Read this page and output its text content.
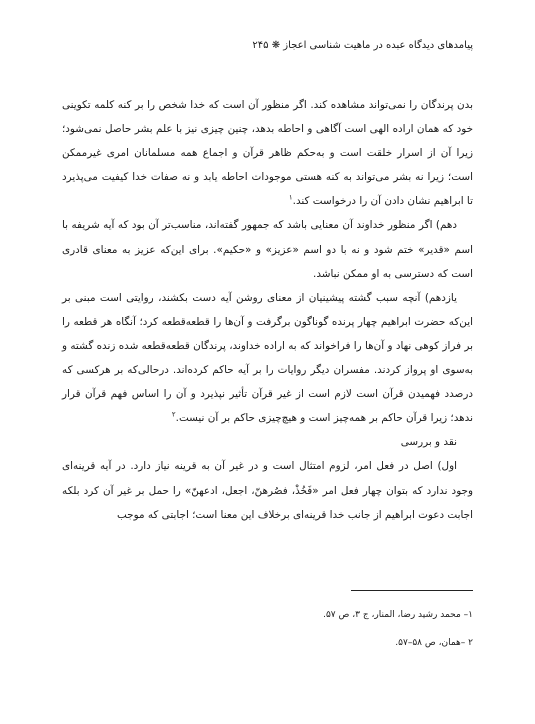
پیامدهای دیدگاه عبده در ماهیت شناسی اعجاز ❋ ۲۴۵

بدن پرندگان را نمی‌تواند مشاهده کند. اگر منظور آن است که خدا شخص را بر کنه کلمه تکوینی خود که همان اراده الهی است آگاهی و احاطه بدهد، چنین چیزی نیز با علم بشر حاصل نمی‌شود؛ زیرا آن از اسرار خلقت است و به‌حکم ظاهر قرآن و اجماع همه مسلمانان امری غیرممکن است؛ زیرا نه بشر می‌تواند به کنه هستی موجودات احاطه یابد و نه صفات خدا کیفیت می‌پذیرد تا ابراهیم نشان دادن آن را درخواست کند.$^۱$

دهم) اگر منظور خداوند آن معنایی باشد که جمهور گفته‌اند، مناسب‌تر آن بود که آیه شریفه با اسم «قدیر» ختم شود و نه با دو اسم «عزیز» و «حکیم». برای این‌که عزیز به معنای قادری است که دسترسی به او ممکن نباشد.

یازدهم) آنچه سبب گشته پیشینیان از معنای روشن آیه دست بکشند، روایتی است مبنی بر این‌که حضرت ابراهیم چهار پرنده گوناگون برگرفت و آن‌ها را قطعه‌قطعه کرد؛ آنگاه هر قطعه را بر فراز کوهی نهاد و آن‌ها را فراخواند که به اراده خداوند، پرندگان قطعه‌قطعه شده زنده گشته و به‌سوی او پرواز کردند. مفسران دیگر روایات را بر آیه حاکم کرده‌اند. درحالی‌که بر هرکسی که درصدد فهمیدن قرآن است لازم است از غیر قرآن تأثیر نپذیرد و آن را اساس فهم قرآن قرار ندهد؛ زیرا قرآن حاکم بر همه‌چیز است و هیچ‌چیزی حاکم بر آن نیست.$^۲$

نقد و بررسی

اول) اصل در فعل امر، لزوم امتثال است و در غیر آن به قرینه نیاز دارد. در آیه قرینه‌ای وجود ندارد که بتوان چهار فعل امر «فَخُذْ، فصُرهنّ، اجعل، ادعهنّ» را حمل بر غیر آن کرد بلکه اجابت دعوت ابراهیم از جانب خدا قرینه‌ای برخلاف این معنا است؛ اجابتی که موجب

۱– محمد رشید رضا، المنار، ج ۳، ص ۵۷.

۲ –همان، ص ۵۸–۵۷.
